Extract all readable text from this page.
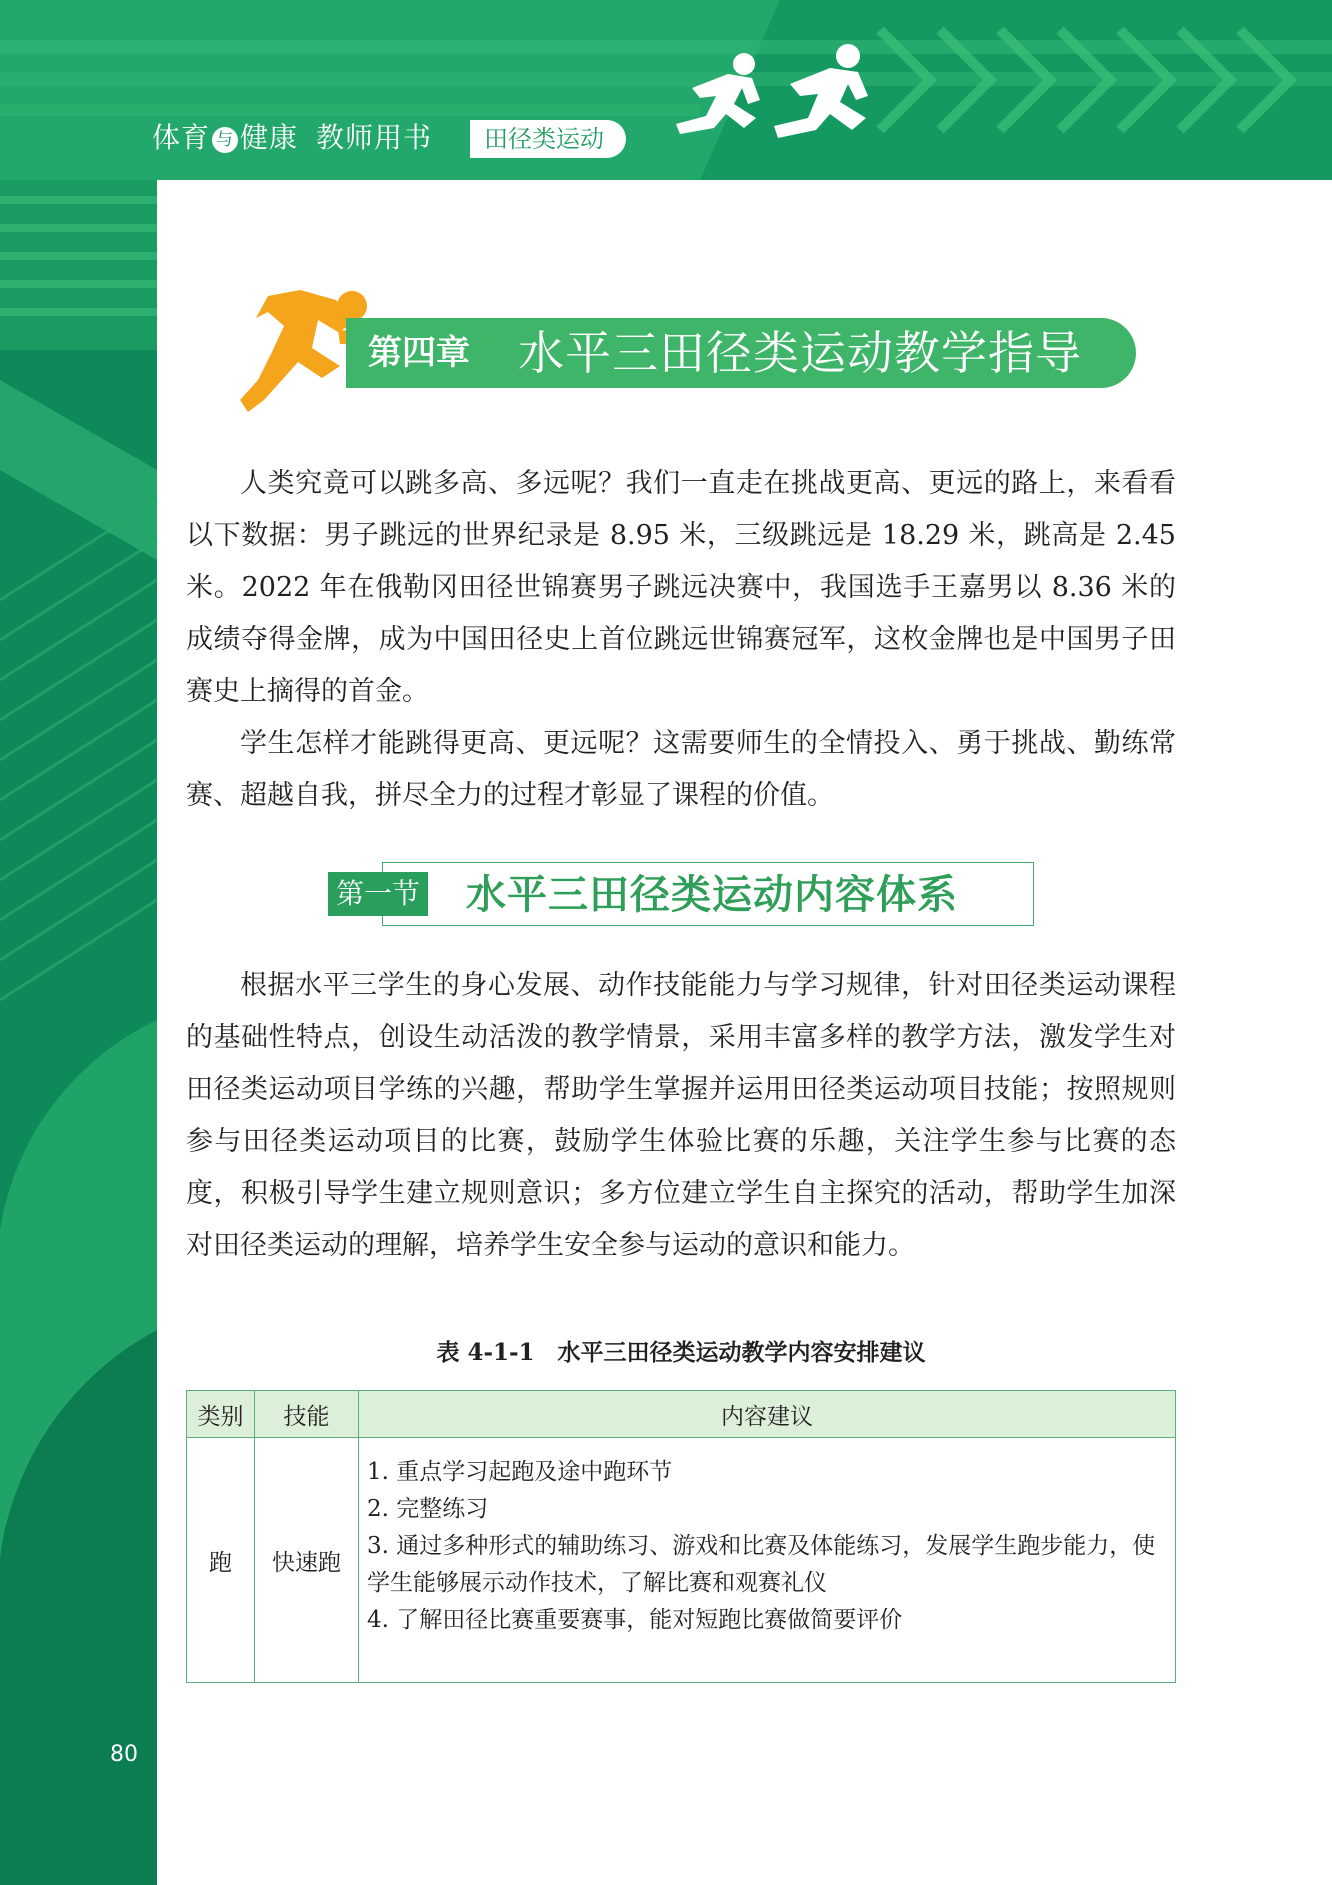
体育 与 健康 教师用书	田径类运动
第四章 水平三田径类运动教学指导

人类究竟可以跳多高、多远呢？我们一直走在挑战更高、更远的路上，来看看以下数据：男子跳远的世界纪录是 8.95 米，三级跳远是 18.29 米，跳高是 2.45 米。2022 年在俄勒冈田径世锦赛男子跳远决赛中，我国选手王嘉男以 8.36 米的成绩夺得金牌，成为中国田径史上首位跳远世锦赛冠军，这枚金牌也是中国男子田赛史上摘得的首金。

学生怎样才能跳得更高、更远呢？这需要师生的全情投入、勇于挑战、勤练常赛、超越自我，拼尽全力的过程才彰显了课程的价值。

第一节 水平三田径类运动内容体系

根据水平三学生的身心发展、动作技能能力与学习规律，针对田径类运动课程的基础性特点，创设生动活泼的教学情景，采用丰富多样的教学方法，激发学生对田径类运动项目学练的兴趣，帮助学生掌握并运用田径类运动项目技能；按照规则参与田径类运动项目的比赛，鼓励学生体验比赛的乐趣，关注学生参与比赛的态度，积极引导学生建立规则意识；多方位建立学生自主探究的活动，帮助学生加深对田径类运动的理解，培养学生安全参与运动的意识和能力。

表 4-1-1　水平三田径类运动教学内容安排建议
类别	技能	内容建议
跑	快速跑	1. 重点学习起跑及途中跑环节
2. 完整练习
3. 通过多种形式的辅助练习、游戏和比赛及体能练习，发展学生跑步能力，使学生能够展示动作技术，了解比赛和观赛礼仪
4. 了解田径比赛重要赛事，能对短跑比赛做简要评价
80
